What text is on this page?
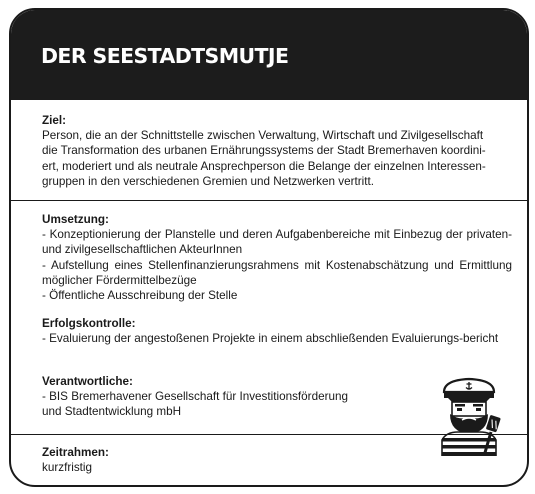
DER SEESTADTSMUTJE
Ziel:
Person, die an der Schnittstelle zwischen Verwaltung, Wirtschaft und Zivilgesellschaft
die Transformation des urbanen Ernährungssystems der Stadt Bremerhaven koordini-
ert, moderiert und als neutrale Ansprechperson die Belange der einzelnen Interessen-
gruppen in den verschiedenen Gremien und Netzwerken vertritt.
Umsetzung:
- Konzeptionierung der Planstelle und deren Aufgabenbereiche mit Einbezug der privaten- und zivilgesellschaftlichen AkteurInnen
- Aufstellung eines Stellenfinanzierungsrahmens mit Kostenabschätzung und Ermittlung möglicher Fördermittelbezüge
- Öffentliche Ausschreibung der Stelle
Erfolgskontrolle:
- Evaluierung der angestoßenen Projekte in einem abschließenden Evaluierungs-bericht
Verantwortliche:
- BIS Bremerhavener Gesellschaft für Investitionsförderung
und Stadtentwicklung mbH
Zeitrahmen:
kurzfristig
